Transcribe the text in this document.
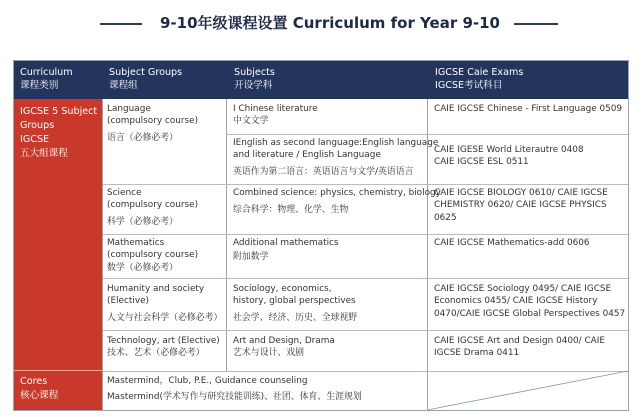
9-10年级课程设置 Curriculum for Year 9-10
Curriculum
课程类别
Subject Groups
课程组
Subjects
开设学科
IGCSE Caie Exams
IGCSE考试科目
IGCSE 5 Subject
Groups
IGCSE
五大组课程
Cores
核心课程
Language
(compulsory course)
语言（必修必考）
I Chinese literature
中文文学
CAIE IGCSE Chinese - First Language 0509
IEnglish as second language:English language
and literature / English Language
英语作为第二语言：英语语言与文学/英语语言
CAIE IGESE World Literautre 0408
CAIE IGCSE ESL 0511
Science
(compulsory course)
科学（必修必考）
Combined science: physics, chemistry, biology
综合科学：物理、化学、生物
CAIE IGCSE BIOLOGY 0610/ CAIE IGCSE
CHEMISTRY 0620/ CAIE IGCSE PHYSICS
0625
Mathematics
(compulsory course)
数学（必修必考）
Additional mathematics
附加数学
CAIE IGCSE Mathematics-add 0606
Humanity and society
(Elective)
人文与社会科学（必修必考）
Sociology, economics,
history, global perspectives
社会学、经济、历史、全球视野
CAIE IGCSE Sociology 0495/ CAIE IGCSE
Economics 0455/ CAIE IGCSE History
0470/CAIE IGCSE Global Perspectives 0457
Technology, art (Elective)
技术、艺术（必修必考）
Art and Design, Drama
艺术与设计、戏剧
CAIE IGCSE Art and Design 0400/ CAIE
IGCSE Drama 0411
Mastermind，Club, P.E., Guidance counseling
Mastermind(学术写作与研究技能训练)、社团、体育、生涯规划
